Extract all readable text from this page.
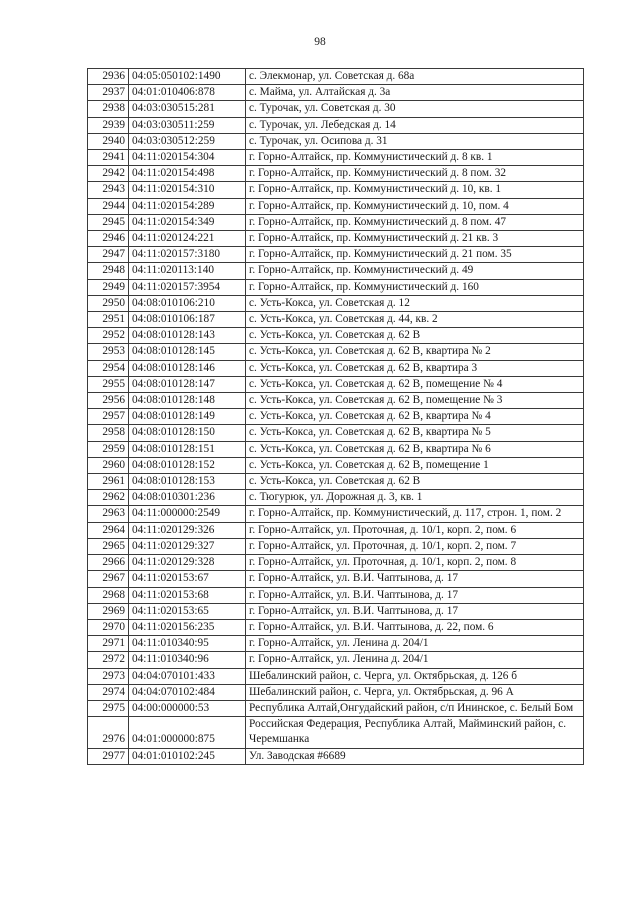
98
2936	04:05:050102:1490	с. Элекмонар, ул. Советская д. 68а
2937	04:01:010406:878	с. Майма, ул. Алтайская д. 3а
2938	04:03:030515:281	с. Турочак, ул. Советская д. 30
2939	04:03:030511:259	с. Турочак, ул. Лебедская д. 14
2940	04:03:030512:259	с. Турочак, ул. Осипова д. 31
2941	04:11:020154:304	г. Горно-Алтайск, пр. Коммунистический д. 8 кв. 1
2942	04:11:020154:498	г. Горно-Алтайск, пр. Коммунистический д. 8 пом. 32
2943	04:11:020154:310	г. Горно-Алтайск, пр. Коммунистический д. 10, кв. 1
2944	04:11:020154:289	г. Горно-Алтайск, пр. Коммунистический д. 10, пом. 4
2945	04:11:020154:349	г. Горно-Алтайск, пр. Коммунистический д. 8 пом. 47
2946	04:11:020124:221	г. Горно-Алтайск, пр. Коммунистический д. 21 кв. 3
2947	04:11:020157:3180	г. Горно-Алтайск, пр. Коммунистический д. 21 пом. 35
2948	04:11:020113:140	г. Горно-Алтайск, пр. Коммунистический д. 49
2949	04:11:020157:3954	г. Горно-Алтайск, пр. Коммунистический д. 160
2950	04:08:010106:210	с. Усть-Кокса, ул. Советская д. 12
2951	04:08:010106:187	с. Усть-Кокса, ул. Советская д. 44, кв. 2
2952	04:08:010128:143	с. Усть-Кокса, ул. Советская д. 62 В
2953	04:08:010128:145	с. Усть-Кокса, ул. Советская д. 62 В, квартира № 2
2954	04:08:010128:146	с. Усть-Кокса, ул. Советская д. 62 В, квартира 3
2955	04:08:010128:147	с. Усть-Кокса, ул. Советская д. 62 В, помещение № 4
2956	04:08:010128:148	с. Усть-Кокса, ул. Советская д. 62 В, помещение № 3
2957	04:08:010128:149	с. Усть-Кокса, ул. Советская д. 62 В, квартира № 4
2958	04:08:010128:150	с. Усть-Кокса, ул. Советская д. 62 В, квартира № 5
2959	04:08:010128:151	с. Усть-Кокса, ул. Советская д. 62 В, квартира № 6
2960	04:08:010128:152	с. Усть-Кокса, ул. Советская д. 62 В, помещение 1
2961	04:08:010128:153	с. Усть-Кокса, ул. Советская д. 62 В
2962	04:08:010301:236	с. Тюгурюк, ул. Дорожная д. 3, кв. 1
2963	04:11:000000:2549	г. Горно-Алтайск, пр. Коммунистический, д. 117, строн. 1, пом. 2
2964	04:11:020129:326	г. Горно-Алтайск, ул. Проточная, д. 10/1, корп. 2, пом. 6
2965	04:11:020129:327	г. Горно-Алтайск, ул. Проточная, д. 10/1, корп. 2, пом. 7
2966	04:11:020129:328	г. Горно-Алтайск, ул. Проточная, д. 10/1, корп. 2, пом. 8
2967	04:11:020153:67	г. Горно-Алтайск, ул. В.И. Чаптынова, д. 17
2968	04:11:020153:68	г. Горно-Алтайск, ул. В.И. Чаптынова, д. 17
2969	04:11:020153:65	г. Горно-Алтайск, ул. В.И. Чаптынова, д. 17
2970	04:11:020156:235	г. Горно-Алтайск, ул. В.И. Чаптынова, д. 22, пом. 6
2971	04:11:010340:95	г. Горно-Алтайск, ул. Ленина д. 204/1
2972	04:11:010340:96	г. Горно-Алтайск, ул. Ленина д. 204/1
2973	04:04:070101:433	Шебалинский район, с. Черга, ул. Октябрьская, д. 126 б
2974	04:04:070102:484	Шебалинский район, с. Черга, ул. Октябрьская, д. 96 А
2975	04:00:000000:53	Республика Алтай,Онгудайский район, с/п Ининское, с. Белый Бом
2976	04:01:000000:875	Российская Федерация, Республика Алтай, Майминский район, с. Черемшанка
2977	04:01:010102:245	Ул. Заводская #6689
